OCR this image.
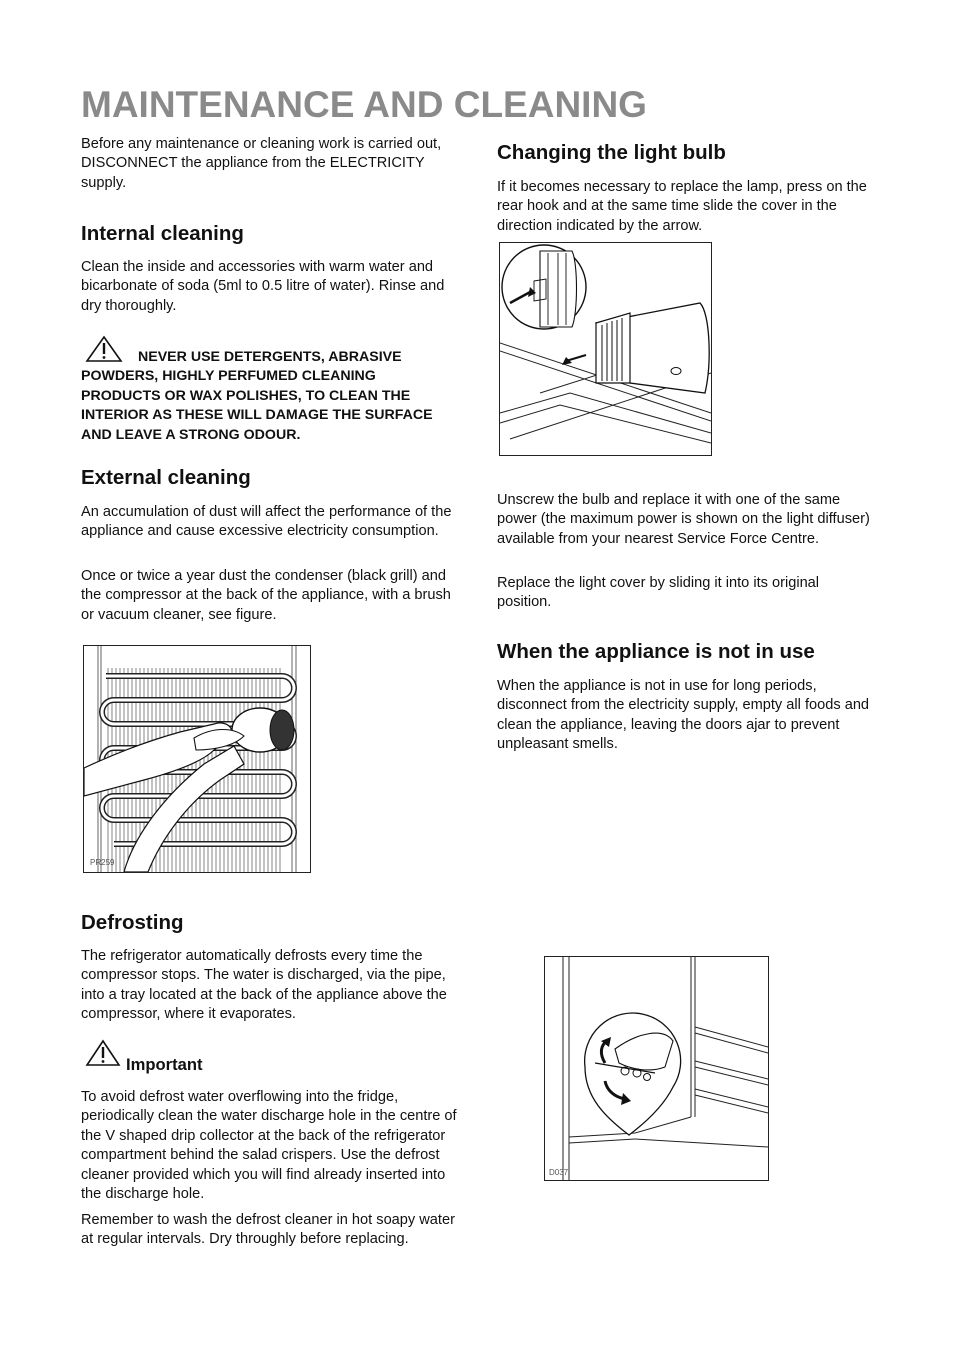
MAINTENANCE AND CLEANING

Before any maintenance or cleaning work is carried out, DISCONNECT the appliance from the ELECTRICITY supply.

Internal cleaning

Clean the inside and accessories with warm water and bicarbonate of soda (5ml to 0.5 litre of water). Rinse and dry thoroughly.

NEVER USE DETERGENTS, ABRASIVE POWDERS, HIGHLY PERFUMED CLEANING PRODUCTS OR WAX POLISHES, TO CLEAN THE INTERIOR AS THESE WILL DAMAGE THE SURFACE AND LEAVE A STRONG ODOUR.

External cleaning

An accumulation of dust will affect the performance of the appliance and cause excessive electricity consumption.

Once or twice a year dust the condenser (black grill) and the compressor at the back of the appliance, with a brush or vacuum cleaner, see figure.

PR259
Defrosting

The refrigerator automatically defrosts every time the compressor stops. The water is discharged, via the pipe, into a tray located at the back of the appliance above the compressor, where it evaporates.

Important

To avoid defrost water overflowing into the fridge, periodically clean the water discharge hole in the centre of the V shaped drip collector at the back of the refrigerator compartment behind the salad crispers. Use the defrost cleaner provided which you will find already inserted into the discharge hole.

Remember to wash the defrost cleaner in hot soapy water at regular intervals. Dry throughly before replacing.

Changing the light bulb

If it becomes necessary to replace the lamp, press on the rear hook and at the same time slide the cover in the direction indicated by the arrow.

Unscrew the bulb and replace it with one of the same power (the maximum power is shown on the light diffuser) available from your nearest Service Force Centre.

Replace the light cover by sliding it into its original position.

When the appliance is not in use

When the appliance is not in use for long periods, disconnect from the electricity supply, empty all foods and clean the appliance, leaving the doors ajar to prevent unpleasant smells.

D037
